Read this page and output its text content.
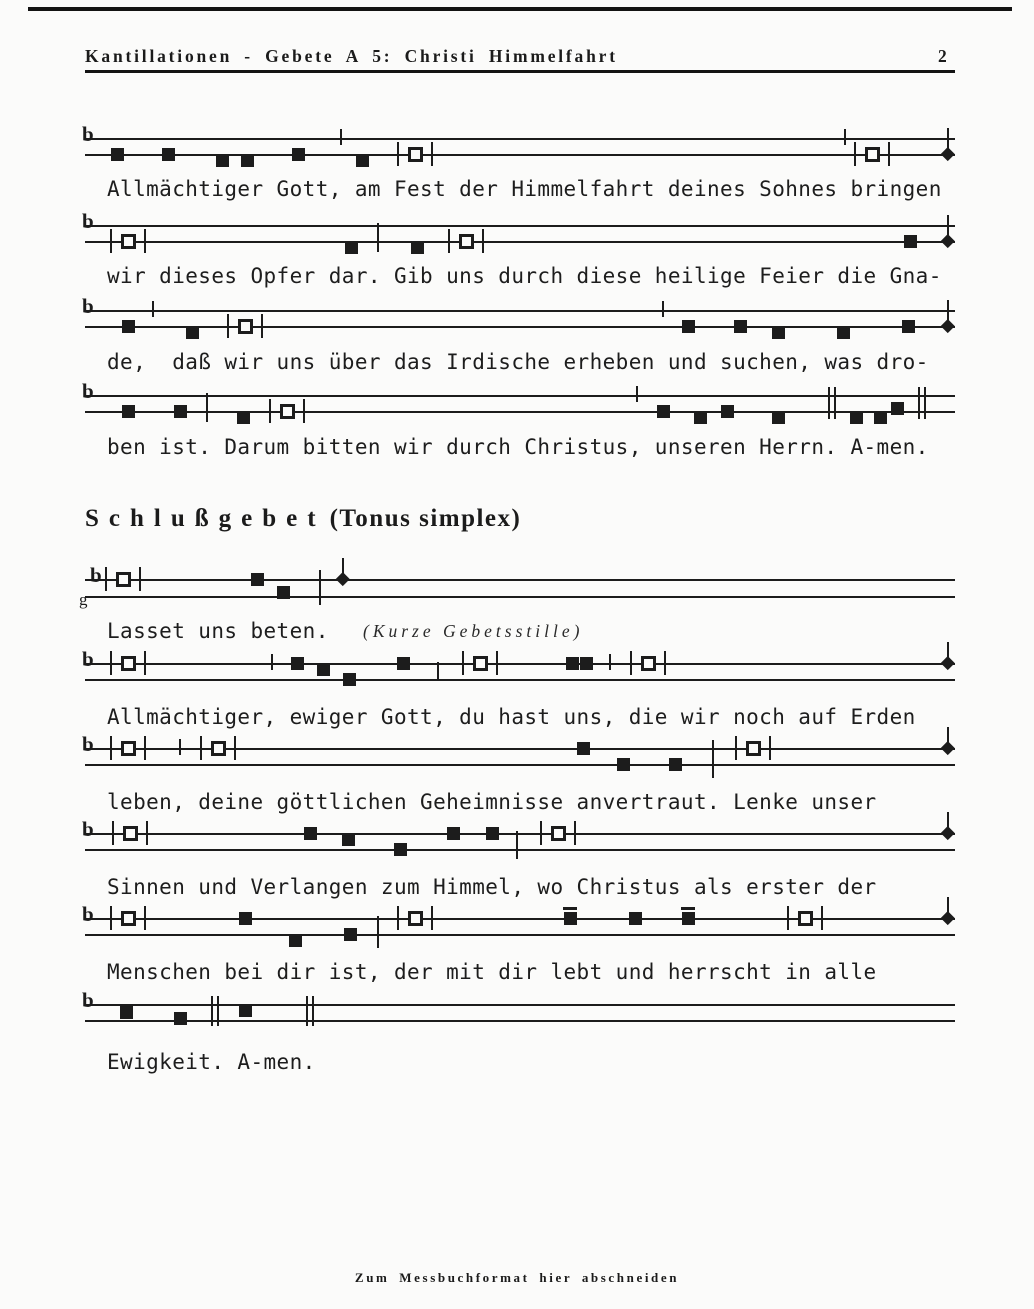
Kantillationen - Gebete A 5: Christi Himmelfahrt	2
Schlußgebet (Tonus simplex)
Zum Messbuchformat hier abschneiden
b
Allmächtiger Gott, am Fest der Himmelfahrt deines Sohnes bringen
b
wir dieses Opfer dar. Gib uns durch diese heilige Feier die Gna-
b
de,  daß wir uns über das Irdische erheben und suchen, was dro-
b
ben ist. Darum bitten wir durch Christus, unseren Herrn. A-men.
g
b
Lasset uns beten. (Kurze Gebetsstille)
b
Allmächtiger, ewiger Gott, du hast uns, die wir noch auf Erden
b
leben, deine göttlichen Geheimnisse anvertraut. Lenke unser
b
Sinnen und Verlangen zum Himmel, wo Christus als erster der
b
Menschen bei dir ist, der mit dir lebt und herrscht in alle
b
Ewigkeit. A-men.
